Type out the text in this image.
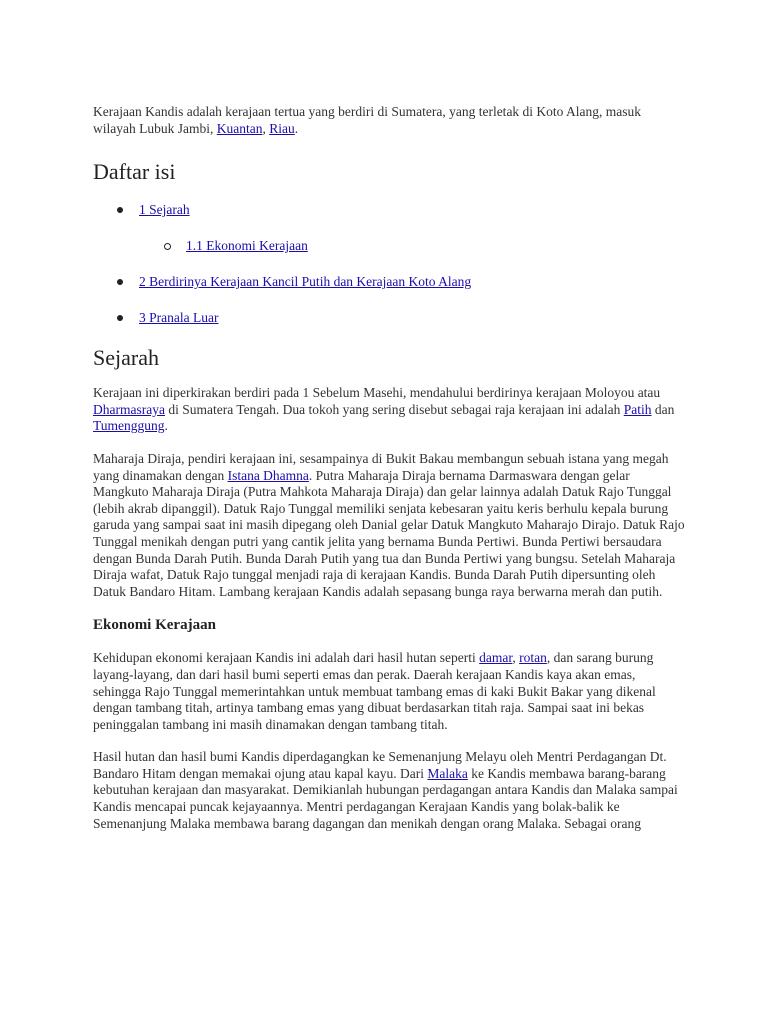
Kerajaan Kandis adalah kerajaan tertua yang berdiri di Sumatera, yang terletak di Koto Alang, masuk wilayah Lubuk Jambi, Kuantan, Riau.

Daftar isi
1 Sejarah
1.1 Ekonomi Kerajaan
2 Berdirinya Kerajaan Kancil Putih dan Kerajaan Koto Alang
3 Pranala Luar
Sejarah

Kerajaan ini diperkirakan berdiri pada 1 Sebelum Masehi, mendahului berdirinya kerajaan Moloyou atau Dharmasraya di Sumatera Tengah. Dua tokoh yang sering disebut sebagai raja kerajaan ini adalah Patih dan Tumenggung.

Maharaja Diraja, pendiri kerajaan ini, sesampainya di Bukit Bakau membangun sebuah istana yang megah yang dinamakan dengan Istana Dhamna. Putra Maharaja Diraja bernama Darmaswara dengan gelar Mangkuto Maharaja Diraja (Putra Mahkota Maharaja Diraja) dan gelar lainnya adalah Datuk Rajo Tunggal (lebih akrab dipanggil). Datuk Rajo Tunggal memiliki senjata kebesaran yaitu keris berhulu kepala burung garuda yang sampai saat ini masih dipegang oleh Danial gelar Datuk Mangkuto Maharajo Dirajo. Datuk Rajo Tunggal menikah dengan putri yang cantik jelita yang bernama Bunda Pertiwi. Bunda Pertiwi bersaudara dengan Bunda Darah Putih. Bunda Darah Putih yang tua dan Bunda Pertiwi yang bungsu. Setelah Maharaja Diraja wafat, Datuk Rajo tunggal menjadi raja di kerajaan Kandis. Bunda Darah Putih dipersunting oleh Datuk Bandaro Hitam. Lambang kerajaan Kandis adalah sepasang bunga raya berwarna merah dan putih.

Ekonomi Kerajaan

Kehidupan ekonomi kerajaan Kandis ini adalah dari hasil hutan seperti damar, rotan, dan sarang burung layang-layang, dan dari hasil bumi seperti emas dan perak. Daerah kerajaan Kandis kaya akan emas, sehingga Rajo Tunggal memerintahkan untuk membuat tambang emas di kaki Bukit Bakar yang dikenal dengan tambang titah, artinya tambang emas yang dibuat berdasarkan titah raja. Sampai saat ini bekas peninggalan tambang ini masih dinamakan dengan tambang titah.

Hasil hutan dan hasil bumi Kandis diperdagangkan ke Semenanjung Melayu oleh Mentri Perdagangan Dt. Bandaro Hitam dengan memakai ojung atau kapal kayu. Dari Malaka ke Kandis membawa barang-barang kebutuhan kerajaan dan masyarakat. Demikianlah hubungan perdagangan antara Kandis dan Malaka sampai Kandis mencapai puncak kejayaannya. Mentri perdagangan Kerajaan Kandis yang bolak-balik ke Semenanjung Malaka membawa barang dagangan dan menikah dengan orang Malaka. Sebagai orang
